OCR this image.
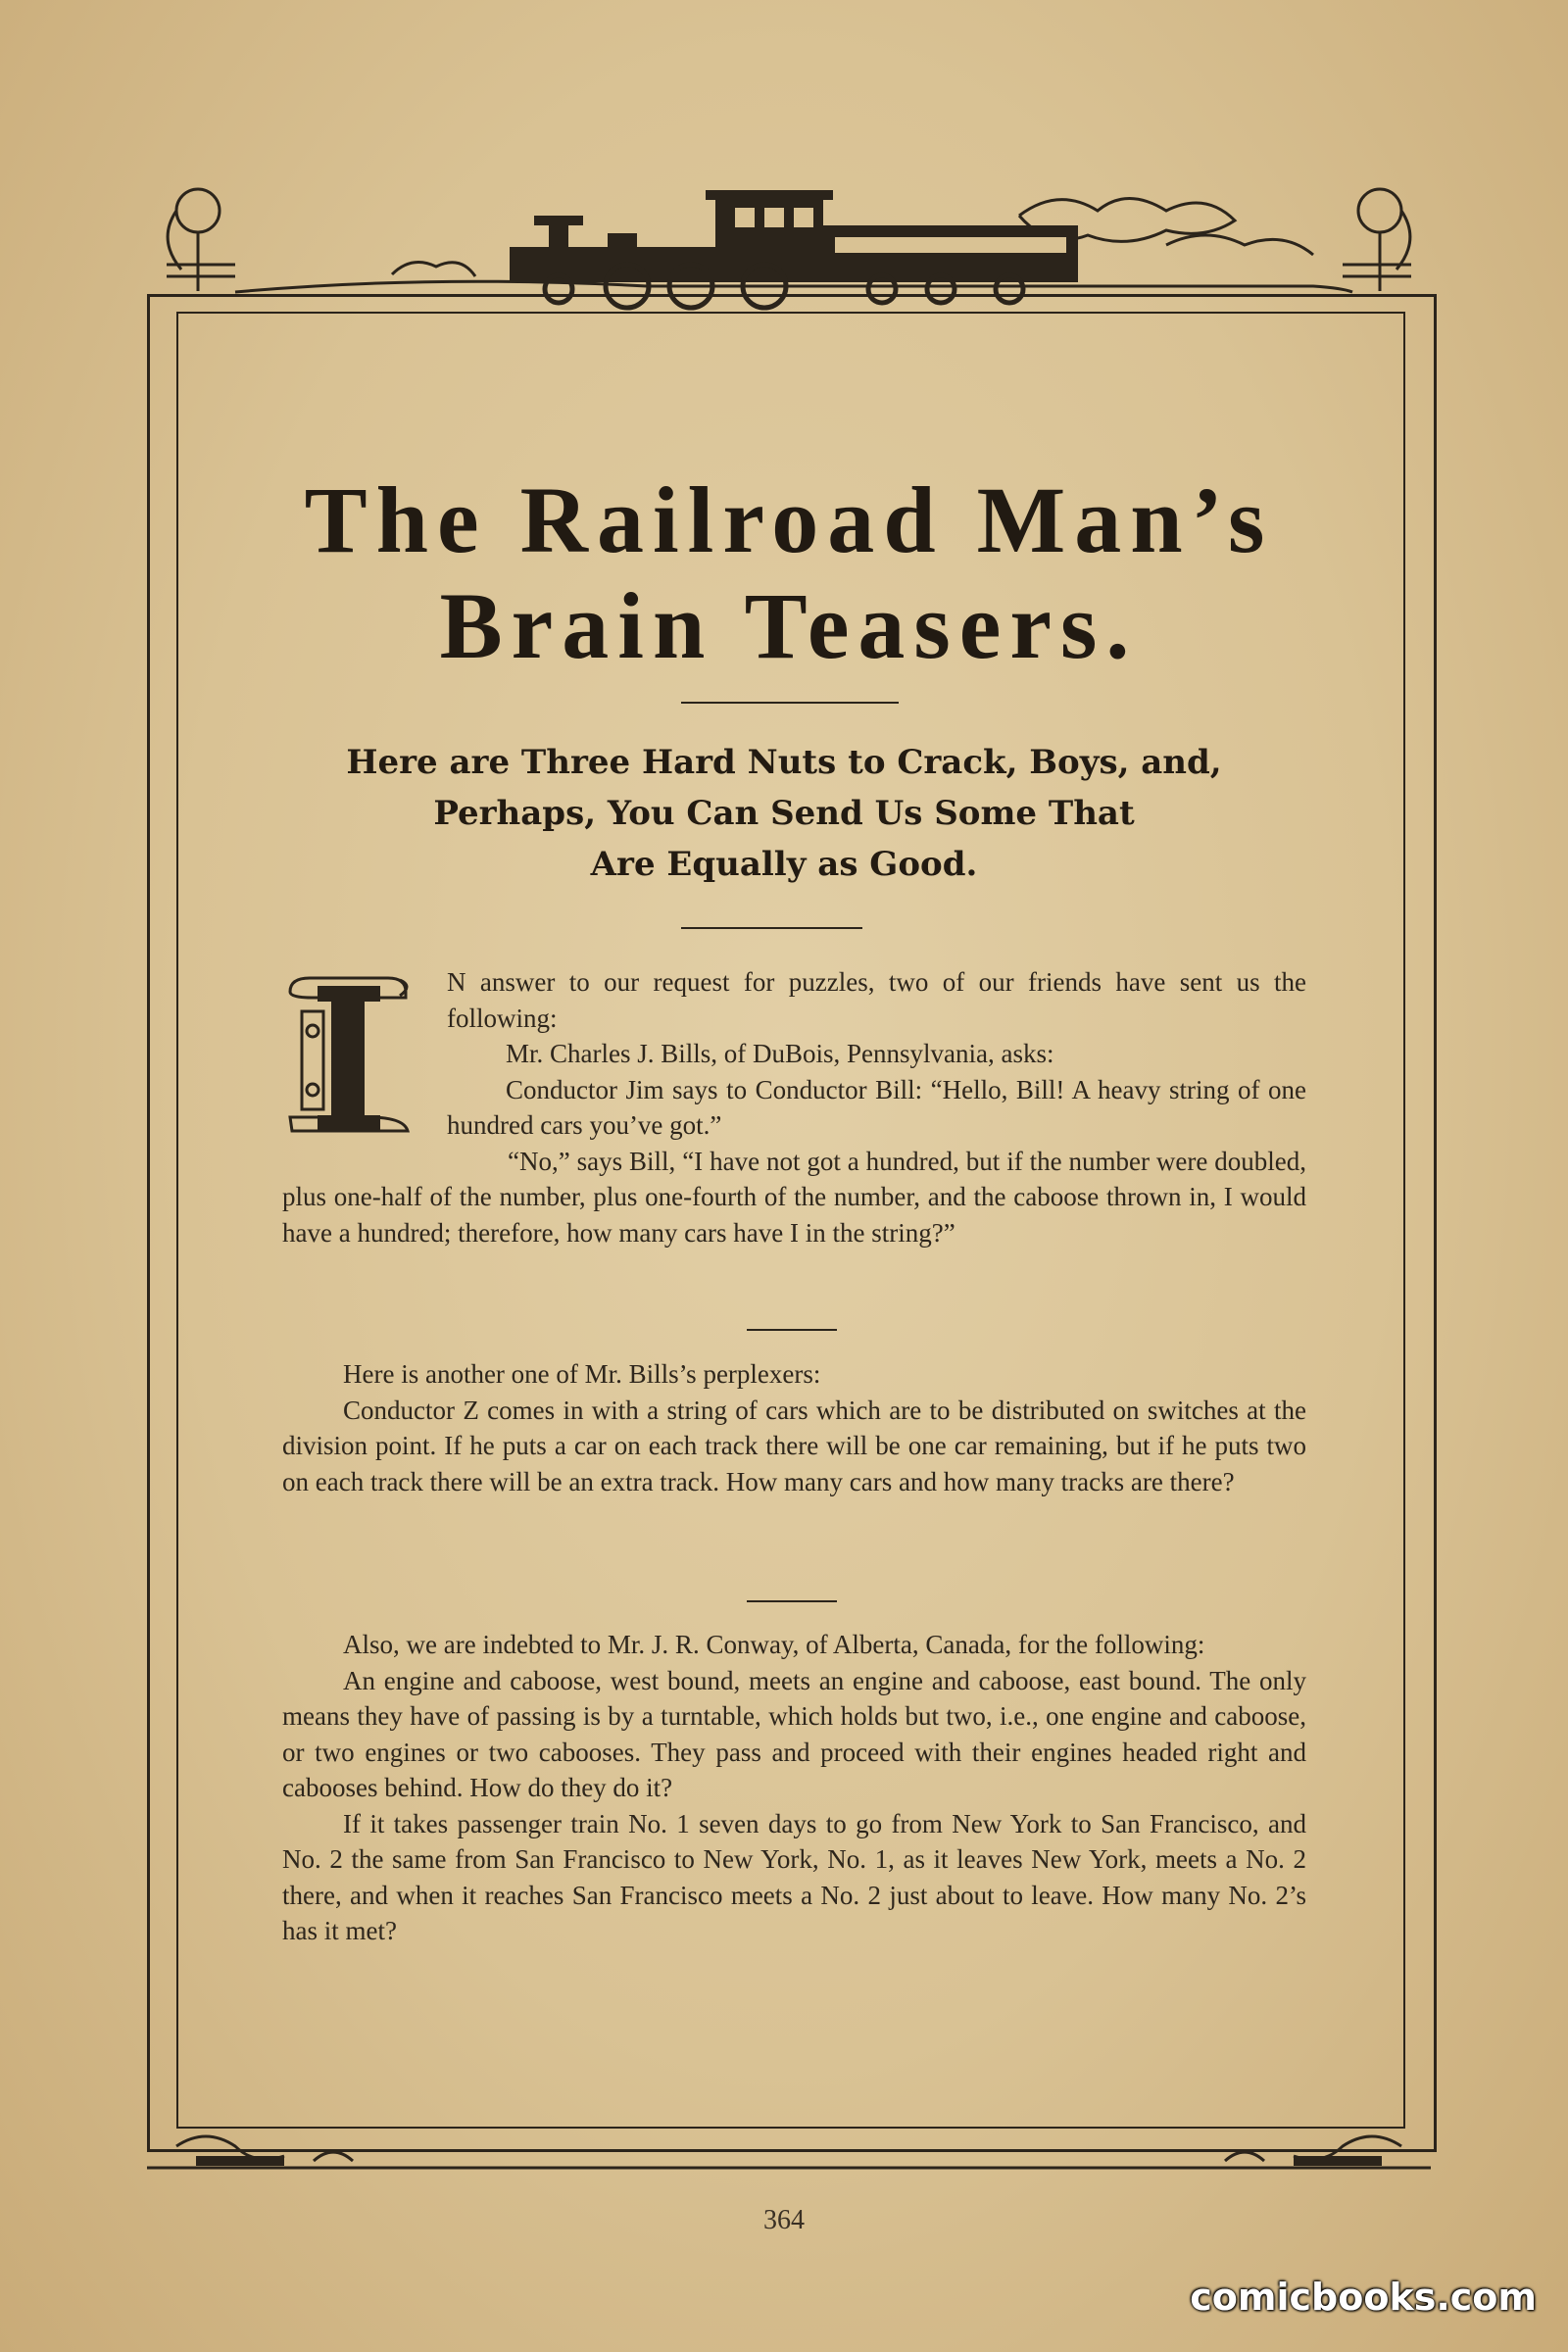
The Railroad Man’s
Brain Teasers.
Here are Three Hard Nuts to Crack, Boys, and,
Perhaps, You Can Send Us Some That
Are Equally as Good.
I

N answer to our request for puzzles, two of our friends have sent us the following:

Mr. Charles J. Bills, of DuBois, Pennsylvania, asks:

Conductor Jim says to Conductor Bill: “Hello, Bill! A heavy string of one hundred cars you’ve got.”

“No,” says Bill, “I have not got a hundred, but if the number were doubled, plus one-half of the number, plus one-fourth of the number, and the caboose thrown in, I would have a hundred; therefore, how many cars have I in the string?”

Here is another one of Mr. Bills’s perplexers:

Conductor Z comes in with a string of cars which are to be distributed on switches at the division point. If he puts a car on each track there will be one car remaining, but if he puts two on each track there will be an extra track. How many cars and how many tracks are there?

Also, we are indebted to Mr. J. R. Conway, of Alberta, Canada, for the following:

An engine and caboose, west bound, meets an engine and caboose, east bound. The only means they have of passing is by a turntable, which holds but two, i.e., one engine and caboose, or two engines or two cabooses. They pass and proceed with their engines headed right and cabooses behind. How do they do it?

If it takes passenger train No. 1 seven days to go from New York to San Francisco, and No. 2 the same from San Francisco to New York, No. 1, as it leaves New York, meets a No. 2 there, and when it reaches San Francisco meets a No. 2 just about to leave. How many No. 2’s has it met?

364
comicbooks.com
